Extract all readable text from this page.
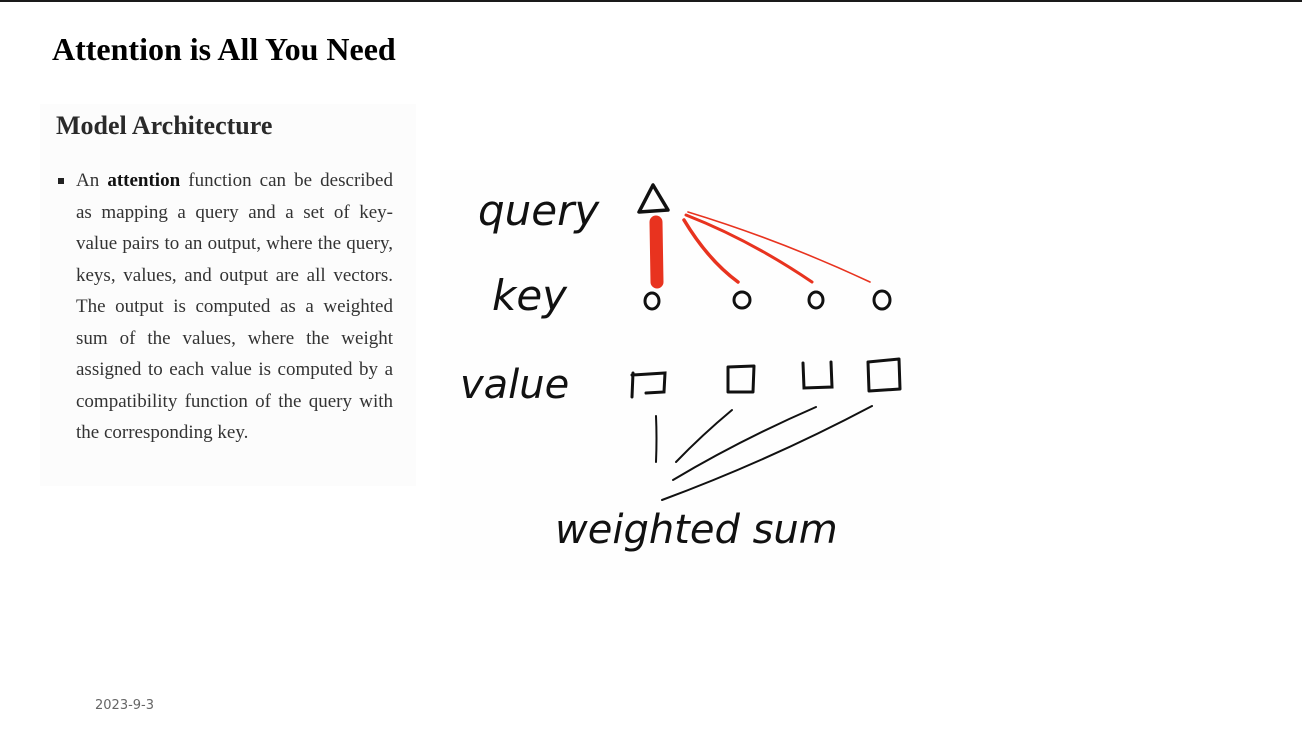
Attention is All You Need
Model Architecture
An attention function can be described as mapping a query and a set of key-value pairs to an output, where the query, keys, values, and output are all vectors. The output is computed as a weighted sum of the values, where the weight assigned to each value is computed by a compatibility function of the query with the corresponding key.
query
key
value
weighted sum
2023-9-3
